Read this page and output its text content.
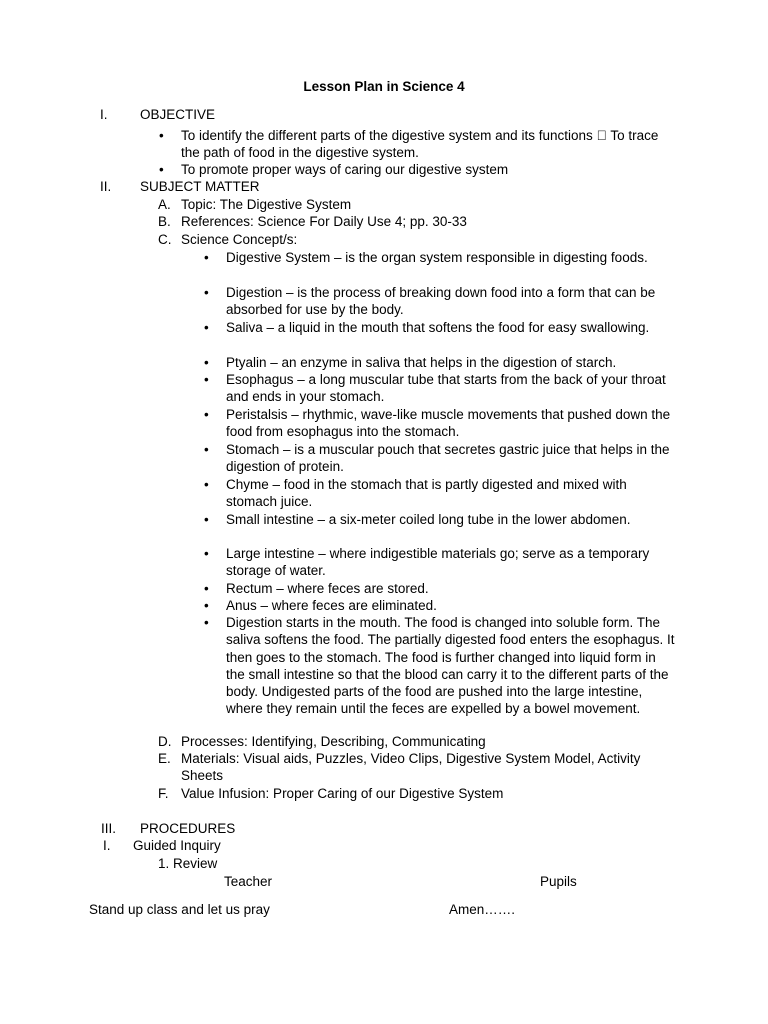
Lesson Plan in Science 4
I. OBJECTIVE
• To identify the different parts of the digestive system and its functions To trace the path of food in the digestive system.
• To promote proper ways of caring our digestive system
II. SUBJECT MATTER
A. Topic: The Digestive System
B. References: Science For Daily Use 4; pp. 30-33
C. Science Concept/s:
• Digestive System – is the organ system responsible in digesting foods.
• Digestion – is the process of breaking down food into a form that can be absorbed for use by the body.
• Saliva – a liquid in the mouth that softens the food for easy swallowing.
• Ptyalin – an enzyme in saliva that helps in the digestion of starch.
• Esophagus – a long muscular tube that starts from the back of your throat and ends in your stomach.
• Peristalsis – rhythmic, wave-like muscle movements that pushed down the food from esophagus into the stomach.
• Stomach – is a muscular pouch that secretes gastric juice that helps in the digestion of protein.
• Chyme – food in the stomach that is partly digested and mixed with stomach juice.
• Small intestine – a six-meter coiled long tube in the lower abdomen.
• Large intestine – where indigestible materials go; serve as a temporary storage of water.
• Rectum – where feces are stored.
• Anus – where feces are eliminated.
• Digestion starts in the mouth. The food is changed into soluble form. The saliva softens the food. The partially digested food enters the esophagus. It then goes to the stomach. The food is further changed into liquid form in the small intestine so that the blood can carry it to the different parts of the body. Undigested parts of the food are pushed into the large intestine, where they remain until the feces are expelled by a bowel movement.
D. Processes: Identifying, Describing, Communicating
E. Materials: Visual aids, Puzzles, Video Clips, Digestive System Model, Activity Sheets
F. Value Infusion: Proper Caring of our Digestive System
III. PROCEDURES
I. Guided Inquiry
1. Review
Teacher	Pupils
Stand up class and let us pray	Amen…….
